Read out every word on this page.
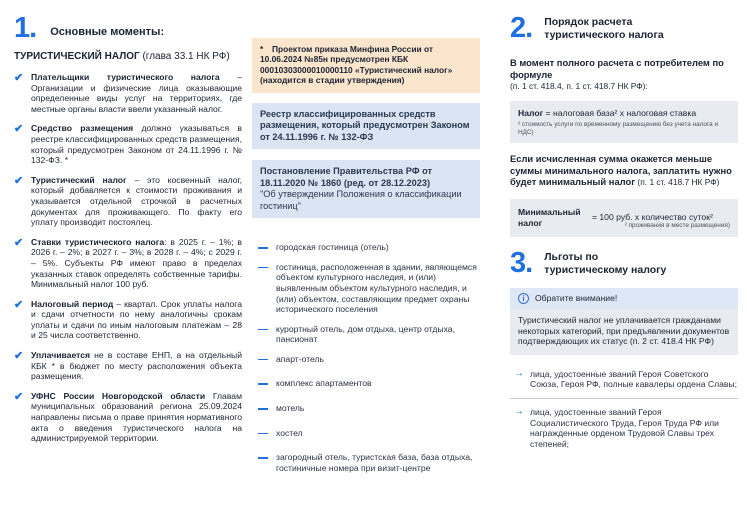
1. Основные моменты:
ТУРИСТИЧЕСКИЙ НАЛОГ (глава 33.1 НК РФ)
✔ Плательщики туристического налога – Организации и физические лица оказывающие определенные виды услуг на территориях, где местные органы власти ввели указанный налог.
✔ Средство размещения должно указываться в реестре классифицированных средств размещения, который предусмотрен Законом от 24.11.1996 г. № 132-ФЗ. *
✔ Туристический налог – это косвенный налог, который добавляется к стоимости проживания и указывается отдельной строчкой в расчетных документах для проживающего. По факту его уплату производит постоялец.
✔ Ставки туристического налога: в 2025 г. – 1%; в 2026 г. – 2%; в 2027 г. – 3%; в 2028 г. – 4%; с 2029 г. – 5%. Субъекты РФ имеют право в пределах указанных ставок определять собственные тарифы. Минимальный налог 100 руб.
✔ Налоговый период – квартал. Срок уплаты налога и сдачи отчетности по нему аналогичны срокам уплаты и сдачи по иным налоговым платежам – 28 и 25 числа соответственно.
✔ Уплачивается не в составе ЕНП, а на отдельный КБК * в бюджет по месту расположения объекта размещения.
✔ УФНС России Новгородской области Главам муниципальных образований региона 25.09.2024 направлены письма о праве принятия нормативного акта о введения туристического налога на администрируемой территории.
* Проектом приказа Минфина России от 10.06.2024 №85н предусмотрен КБК 00010303000010000110 «Туристический налог» (находится в стадии утверждения)
Реестр классифицированных средств размещения, который предусмотрен Законом от 24.11.1996 г. № 132-ФЗ
Постановление Правительства РФ от 18.11.2020 № 1860 (ред. от 28.12.2023)
"Об утверждении Положения о классификации гостиниц"
городская гостиница (отель)
гостиница, расположенная в здании, являющемся объектом культурного наследия, и (или) выявленным объектом культурного наследия, и (или) объектом, составляющим предмет охраны исторического поселения
курортный отель, дом отдыха, центр отдыха, пансионат
апарт-отель
комплекс апартаментов
мотель
хостел
загородный отель, туристская база, база отдыха, гостиничные номера при визит-центре
2. Порядок расчета туристического налога
В момент полного расчета с потребителем по формуле
(п. 1 ст. 418.4, п. 1 ст. 418.7 НК РФ):
Налог = налоговая база² x налоговая ставка
² стоимость услуги по временному размещению без учета налога и НДС)
Если исчисленная сумма окажется меньше суммы минимального налога, заплатить нужно будет минимальный налог (п. 1 ст. 418.7 НК РФ)
Минимальный налог
= 100 руб. х количество суток²
² проживания в месте размещения)
3. Льготы по туристическому налогу
i	Обратите внимание!
Туристический налог не уплачивается гражданами некоторых категорий, при предъявлении документов подтверждающих их статус (п. 2 ст. 418.4 НК РФ)
→ лица, удостоенные званий Героя Советского Союза, Героя РФ, полные кавалеры ордена Славы;
→ лица, удостоенные званий Героя Социалистического Труда, Героя Труда РФ или награжденные орденом Трудовой Славы трех степеней;
